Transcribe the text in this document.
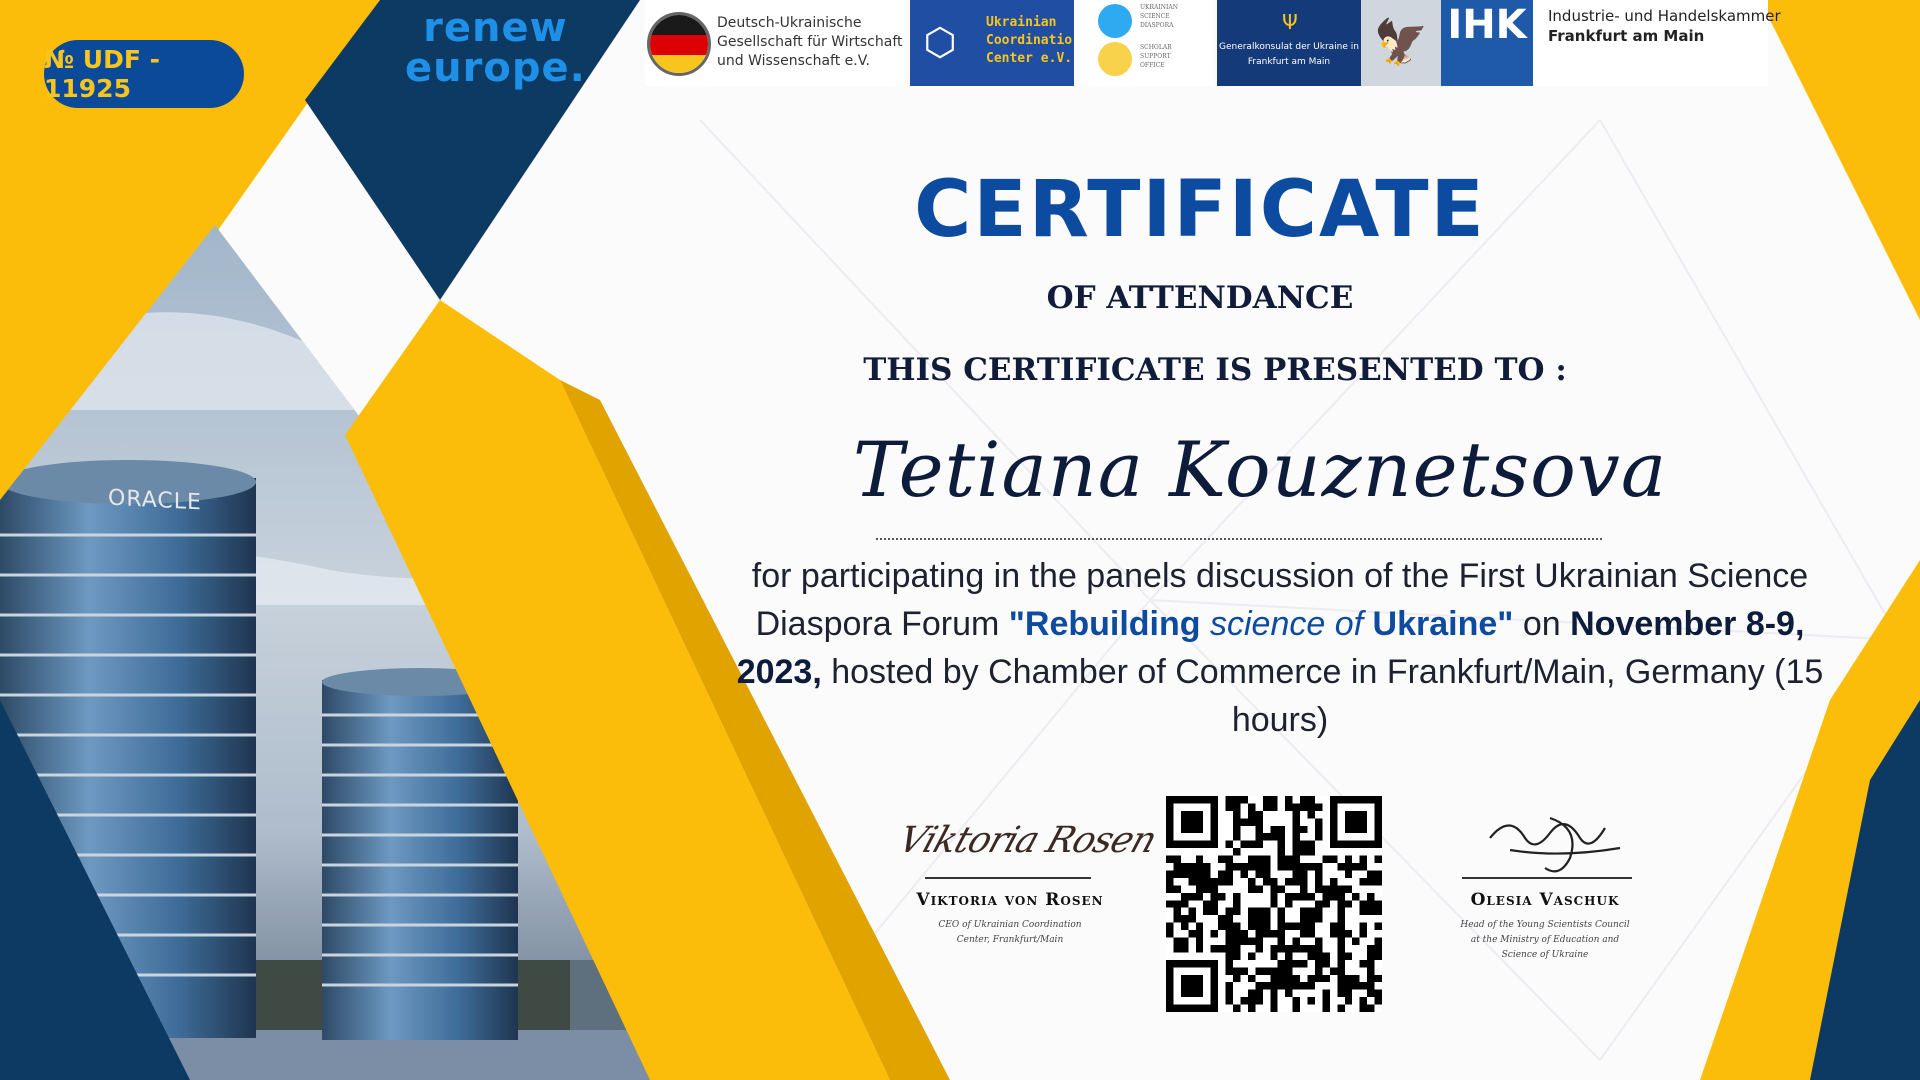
ORACLE
№ UDF - 11925
renew
europe.
Deutsch-Ukrainische
Gesellschaft für Wirtschaft
und Wissenschaft e.V.	⬡	Ukrainian
Coordinatio
Center e.V.
UKRAINIAN
SCIENCE
DIASPORA
SCHOLAR
SUPPORT
OFFICE
Ψ
Generalkonsulat der Ukraine in
Frankfurt am Main 🦅 IHK	Industrie- und Handelskammer
Frankfurt am Main
CERTIFICATE
OF ATTENDANCE
THIS CERTIFICATE IS PRESENTED TO :
Tetiana Kouznetsova
for participating in the panels discussion of the First Ukrainian Science Diaspora Forum "Rebuilding science of Ukraine" on November 8-9, 2023, hosted by Chamber of Commerce in Frankfurt/Main, Germany (15 hours)
Viktoria Rosen
Viktoria von Rosen
CEO of Ukrainian Coordination
Center, Frankfurt/Main
Olesia Vaschuk
Head of the Young Scientists Council
at the Ministry of Education and
Science of Ukraine
